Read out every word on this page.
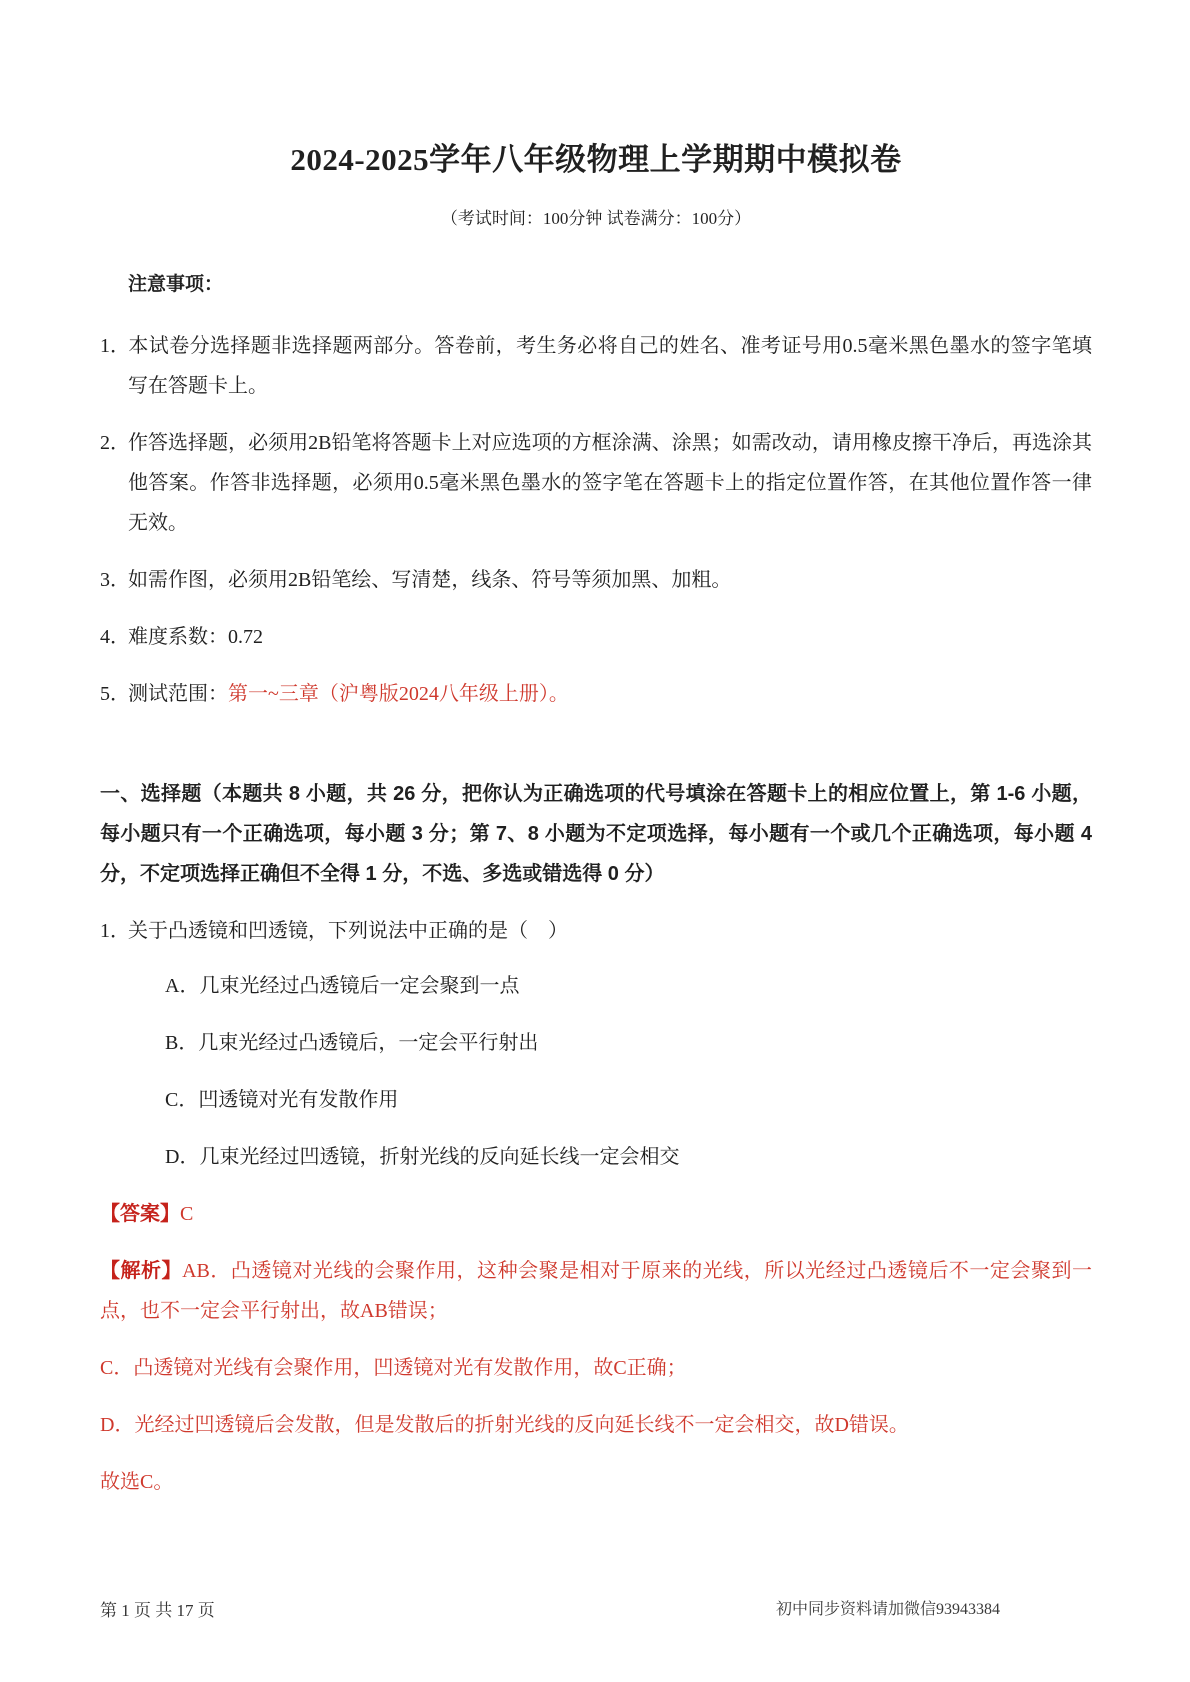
2024-2025学年八年级物理上学期期中模拟卷
（考试时间：100分钟 试卷满分：100分）
注意事项：

1．本试卷分选择题非选择题两部分。答卷前，考生务必将自己的姓名、准考证号用0.5毫米黑色墨水的签字笔填写在答题卡上。

2．作答选择题，必须用2B铅笔将答题卡上对应选项的方框涂满、涂黑；如需改动，请用橡皮擦干净后，再选涂其他答案。作答非选择题，必须用0.5毫米黑色墨水的签字笔在答题卡上的指定位置作答，在其他位置作答一律无效。

3．如需作图，必须用2B铅笔绘、写清楚，线条、符号等须加黑、加粗。

4．难度系数：0.72

5．测试范围：第一~三章（沪粤版2024八年级上册）。

一、选择题（本题共 8 小题，共 26 分，把你认为正确选项的代号填涂在答题卡上的相应位置上，第 1-6 小题，每小题只有一个正确选项，每小题 3 分；第 7、8 小题为不定项选择，每小题有一个或几个正确选项，每小题 4 分，不定项选择正确但不全得 1 分，不选、多选或错选得 0 分）

1．关于凸透镜和凹透镜，下列说法中正确的是（　）

A．几束光经过凸透镜后一定会聚到一点

B．几束光经过凸透镜后，一定会平行射出

C．凹透镜对光有发散作用

D．几束光经过凹透镜，折射光线的反向延长线一定会相交

【答案】C

【解析】AB．凸透镜对光线的会聚作用，这种会聚是相对于原来的光线，所以光经过凸透镜后不一定会聚到一点，也不一定会平行射出，故AB错误；

C．凸透镜对光线有会聚作用，凹透镜对光有发散作用，故C正确；

D．光经过凹透镜后会发散，但是发散后的折射光线的反向延长线不一定会相交，故D错误。

故选C。

第 1 页 共 17 页	初中同步资料请加微信93943384
